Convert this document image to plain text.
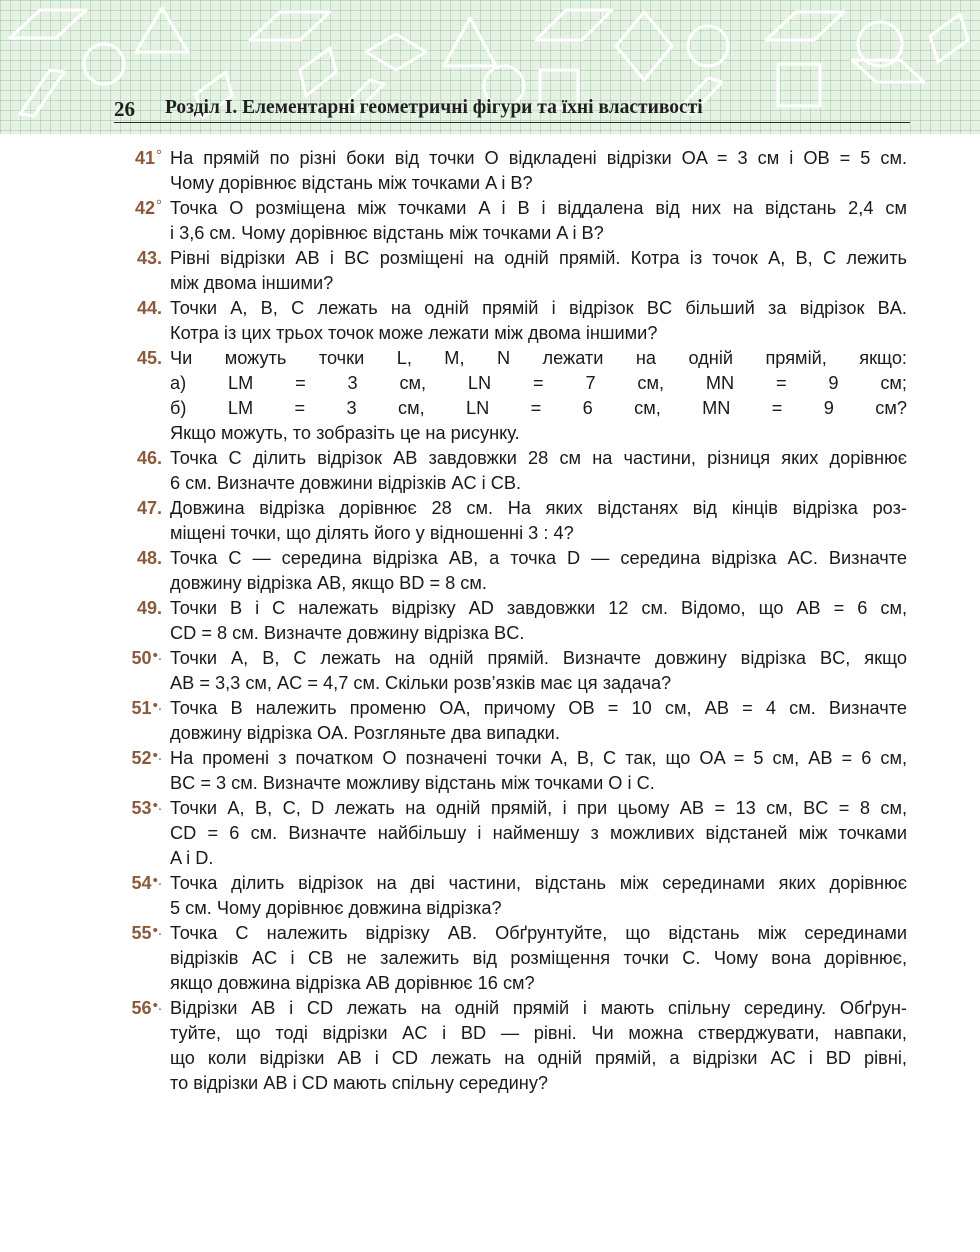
26 Розділ І. Елементарні геометричні фігури та їхні властивості
41° На прямій по різні боки від точки O відкладені відрізки OA = 3 см і OB = 5 см.
Чому дорівнює відстань між точками A і B?
42° Точка O розміщена між точками A і B і віддалена від них на відстань 2,4 см
і 3,6 см. Чому дорівнює відстань між точками A і B?
43. Рівні відрізки AB і BC розміщені на одній прямій. Котра із точок A, B, C лежить
між двома іншими?
44. Точки A, B, C лежать на одній прямій і відрізок BC більший за відрізок BA.
Котра із цих трьох точок може лежати між двома іншими?
45. Чи можуть точки L, M, N лежати на одній прямій, якщо:
а) LM = 3 см, LN = 7 см, MN = 9 см;
б) LM = 3 см, LN = 6 см, MN = 9 см?
Якщо можуть, то зобразіть це на рисунку.
46. Точка C ділить відрізок AB завдовжки 28 см на частини, різниця яких дорівнює
6 см. Визначте довжини відрізків AC і CB.
47. Довжина відрізка дорівнює 28 см. На яких відстанях від кінців відрізка роз-
міщені точки, що ділять його у відношенні 3 : 4?
48. Точка C — середина відрізка AB, а точка D — середина відрізка AC. Визначте
довжину відрізка AB, якщо BD = 8 см.
49. Точки B і C належать відрізку AD завдовжки 12 см. Відомо, що AB = 6 см,
CD = 8 см. Визначте довжину відрізка BC.
50•. Точки A, B, C лежать на одній прямій. Визначте довжину відрізка BC, якщо
AB = 3,3 см, AC = 4,7 см. Скільки розв’язків має ця задача?
51•. Точка B належить променю OA, причому OB = 10 см, AB = 4 см. Визначте
довжину відрізка OA. Розгляньте два випадки.
52•. На промені з початком O позначені точки A, B, C так, що OA = 5 см, AB = 6 см,
BC = 3 см. Визначте можливу відстань між точками O і C.
53•. Точки A, B, C, D лежать на одній прямій, і при цьому AB = 13 см, BC = 8 см,
CD = 6 см. Визначте найбільшу і найменшу з можливих відстаней між точками
A і D.
54•. Точка ділить відрізок на дві частини, відстань між серединами яких дорівнює
5 см. Чому дорівнює довжина відрізка?
55•. Точка C належить відрізку AB. Обґрунтуйте, що відстань між серединами
відрізків AC і CB не залежить від розміщення точки C. Чому вона дорівнює,
якщо довжина відрізка AB дорівнює 16 см?
56•. Відрізки AB і CD лежать на одній прямій і мають спільну середину. Обґрун-
туйте, що тоді відрізки AC і BD — рівні. Чи можна стверджувати, навпаки,
що коли відрізки AB і CD лежать на одній прямій, а відрізки AC і BD рівні,
то відрізки AB і CD мають спільну середину?
